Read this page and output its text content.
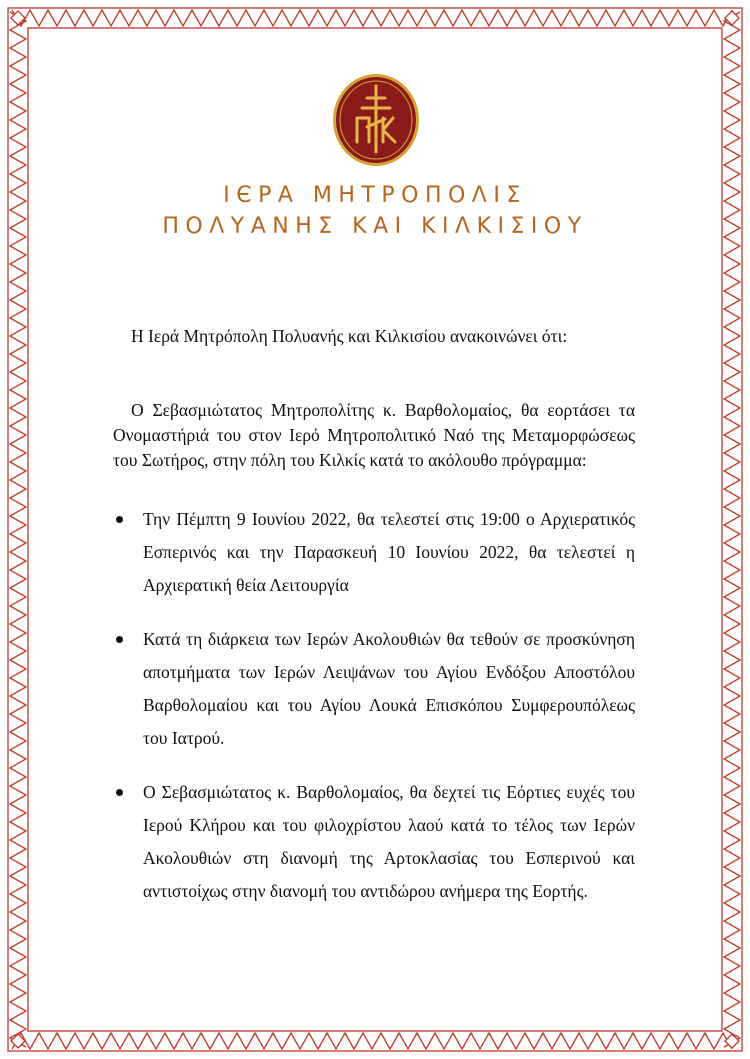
ΙЄΡΑ ΜΗΤΡΟΠΟΛΙΣ
ΠΟΛΥΑΝΗΣ ΚΑΙ ΚΙΛΚΙΣΙΟΥ
Η Ιερά Μητρόπολη Πολυανής και Κιλκισίου ανακοινώνει ότι:
Ο Σεβασμιώτατος Μητροπολίτης κ. Βαρθολομαίος, θα εορτάσει τα Ονομαστήριά του στον Ιερό Μητροπολιτικό Ναό της Μεταμορφώσεως του Σωτήρος, στην πόλη του Κιλκίς κατά το ακόλουθο πρόγραμμα:
Την Πέμπτη 9 Ιουνίου 2022, θα τελεστεί στις 19:00 ο Αρχιερατικός Εσπερινός και την Παρασκευή 10 Ιουνίου 2022, θα τελεστεί η Αρχιερατική θεία Λειτουργία
Κατά τη διάρκεια των Ιερών Ακολουθιών θα τεθούν σε προσκύνηση αποτμήματα των Ιερών Λειψάνων του Αγίου Ενδόξου Αποστόλου Βαρθολομαίου και του Αγίου Λουκά Επισκόπου Συμφερουπόλεως του Ιατρού.
Ο Σεβασμιώτατος κ. Βαρθολομαίος, θα δεχτεί τις Εόρτιες ευχές του Ιερού Κλήρου και του φιλοχρίστου λαού κατά το τέλος των Ιερών Ακολουθιών στη διανομή της Αρτοκλασίας του Εσπερινού και αντιστοίχως στην διανομή του αντιδώρου ανήμερα της Εορτής.
